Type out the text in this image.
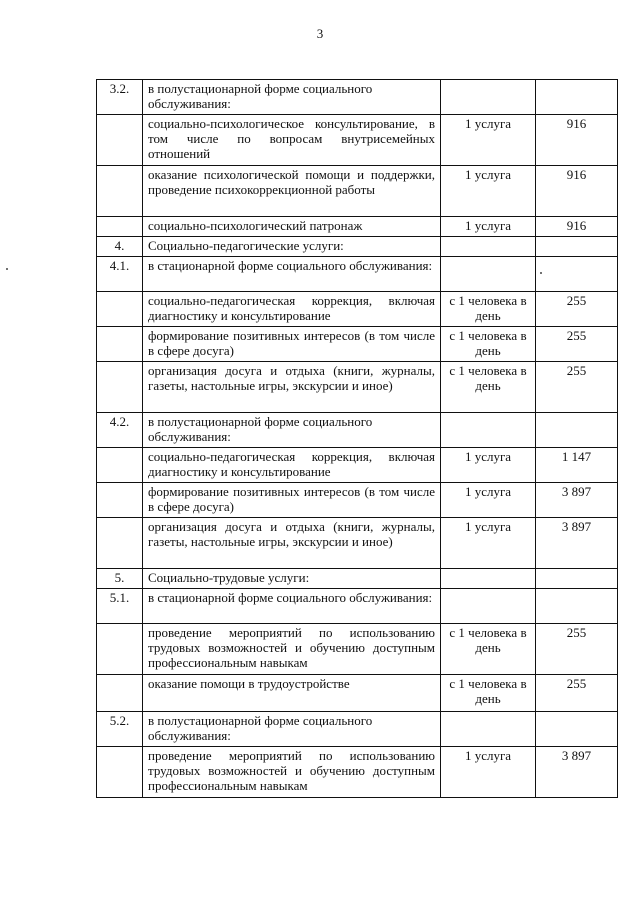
3
3.2.	в полустационарной форме социального обслуживания:		
	социально-психологическое консультирование, в том числе по вопросам внутрисемейных отношений	1 услуга	916
	оказание психологической помощи и поддержки, проведение психокоррекционной работы	1 услуга	916
	социально-психологический патронаж	1 услуга	916
4.	Социально-педагогические услуги:		
4.1.	в стационарной форме социального обслуживания:		
	социально-педагогическая коррекция, включая диагностику и консультирование	с 1 человека в день	255
	формирование позитивных интересов (в том числе в сфере досуга)	с 1 человека в день	255
	организация досуга и отдыха (книги, журналы, газеты, настольные игры, экскурсии и иное)	с 1 человека в день	255
4.2.	в полустационарной форме социального обслуживания:		
	социально-педагогическая коррекция, включая диагностику и консультирование	1 услуга	1 147
	формирование позитивных интересов (в том числе в сфере досуга)	1 услуга	3 897
	организация досуга и отдыха (книги, журналы, газеты, настольные игры, экскурсии и иное)	1 услуга	3 897
5.	Социально-трудовые услуги:		
5.1.	в стационарной форме социального обслуживания:		
	проведение мероприятий по использованию трудовых возможностей и обучению доступным профессиональным навыкам	с 1 человека в день	255
	оказание помощи в трудоустройстве	с 1 человека в день	255
5.2.	в полустационарной форме социального обслуживания:		
	проведение мероприятий по использованию трудовых возможностей и обучению доступным профессиональным навыкам	1 услуга	3 897
